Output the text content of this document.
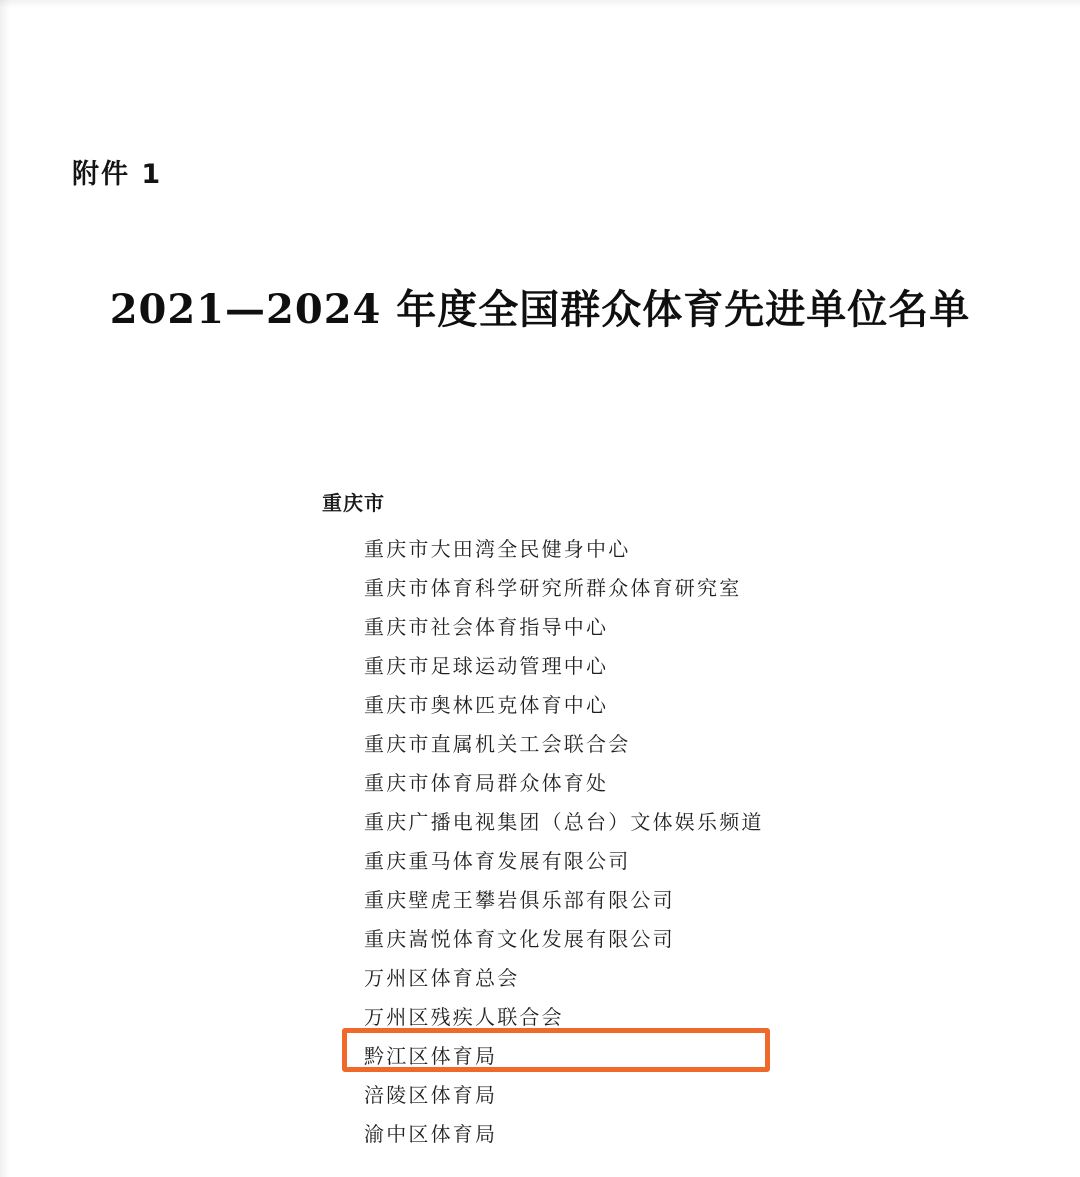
附件 1
2021—2024 年度全国群众体育先进单位名单
重庆市
重庆市大田湾全民健身中心
重庆市体育科学研究所群众体育研究室
重庆市社会体育指导中心
重庆市足球运动管理中心
重庆市奥林匹克体育中心
重庆市直属机关工会联合会
重庆市体育局群众体育处
重庆广播电视集团（总台）文体娱乐频道
重庆重马体育发展有限公司
重庆壁虎王攀岩俱乐部有限公司
重庆嵩悦体育文化发展有限公司
万州区体育总会
万州区残疾人联合会
黔江区体育局
涪陵区体育局
渝中区体育局
